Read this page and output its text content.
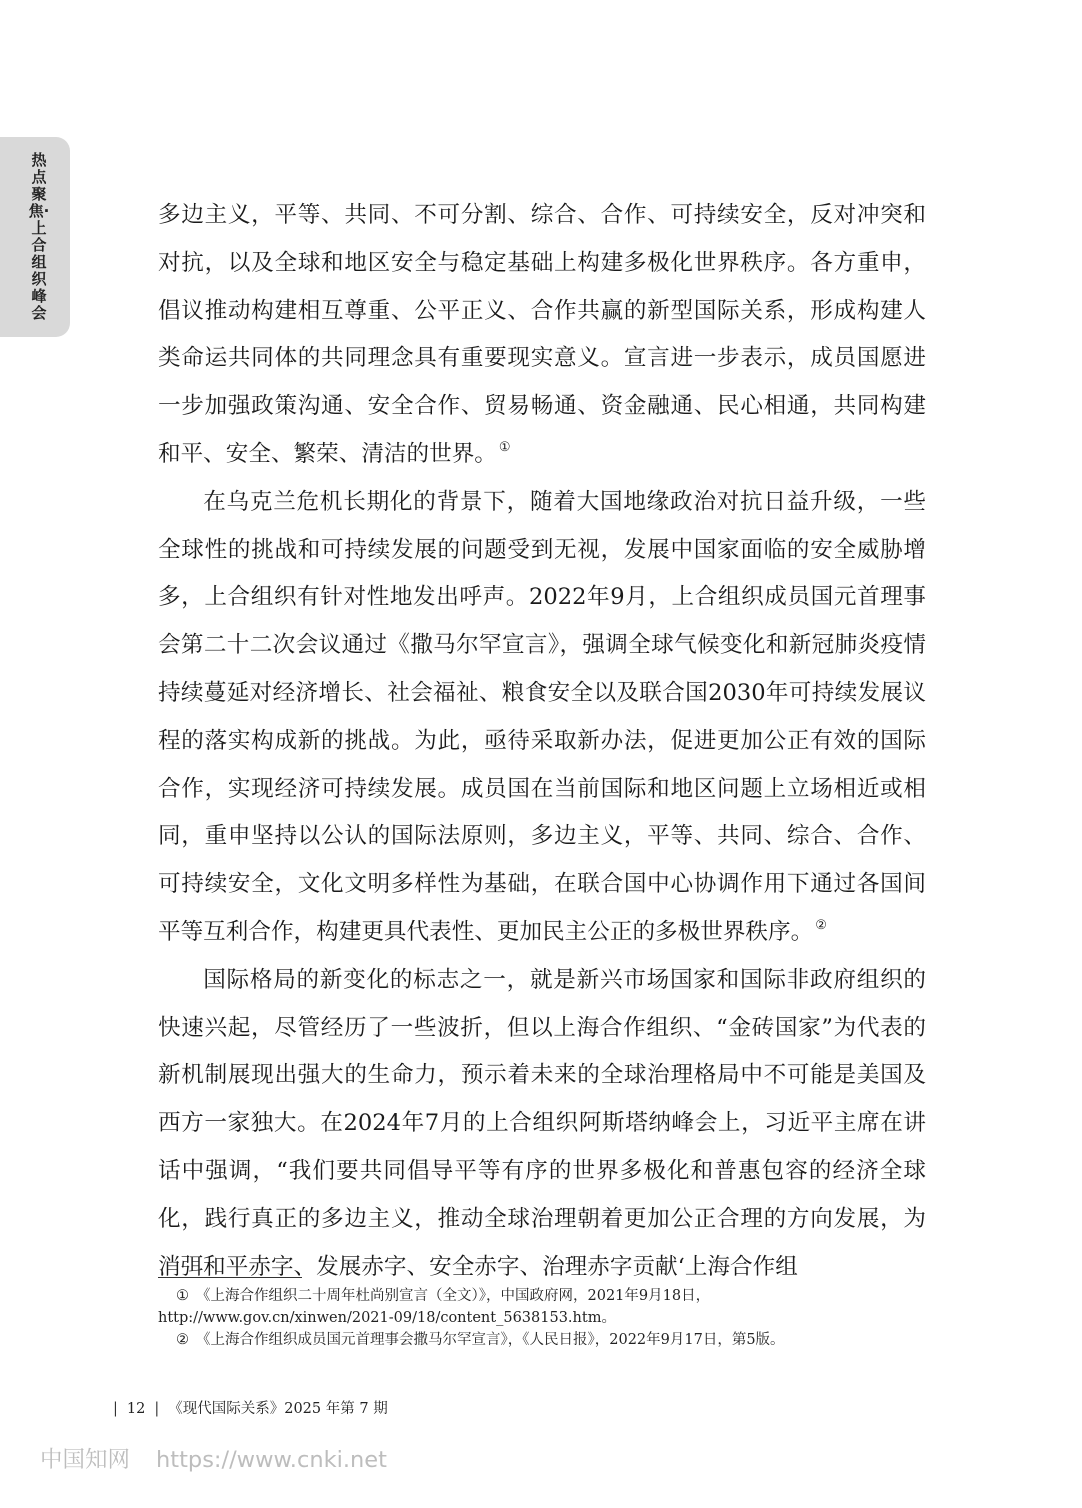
热点聚焦·上合组织峰会

多边主义，平等、共同、不可分割、综合、合作、可持续安全，反对冲突和对抗，以及全球和地区安全与稳定基础上构建多极化世界秩序。各方重申，倡议推动构建相互尊重、公平正义、合作共赢的新型国际关系，形成构建人类命运共同体的共同理念具有重要现实意义。宣言进一步表示，成员国愿进一步加强政策沟通、安全合作、贸易畅通、资金融通、民心相通，共同构建和平、安全、繁荣、清洁的世界。 ①

在乌克兰危机长期化的背景下，随着大国地缘政治对抗日益升级，一些全球性的挑战和可持续发展的问题受到无视，发展中国家面临的安全威胁增多，上合组织有针对性地发出呼声。2022年9月，上合组织成员国元首理事会第二十二次会议通过《撒马尔罕宣言》，强调全球气候变化和新冠肺炎疫情持续蔓延对经济增长、社会福祉、粮食安全以及联合国2030年可持续发展议程的落实构成新的挑战。为此，亟待采取新办法，促进更加公正有效的国际合作，实现经济可持续发展。成员国在当前国际和地区问题上立场相近或相同，重申坚持以公认的国际法原则，多边主义，平等、共同、综合、合作、可持续安全，文化文明多样性为基础，在联合国中心协调作用下通过各国间平等互利合作，构建更具代表性、更加民主公正的多极世界秩序。 ②

国际格局的新变化的标志之一，就是新兴市场国家和国际非政府组织的快速兴起，尽管经历了一些波折，但以上海合作组织、“金砖国家”为代表的新机制展现出强大的生命力，预示着未来的全球治理格局中不可能是美国及西方一家独大。在2024年7月的上合组织阿斯塔纳峰会上，习近平主席在讲话中强调，“我们要共同倡导平等有序的世界多极化和普惠包容的经济全球化，践行真正的多边主义，推动全球治理朝着更加公正合理的方向发展，为消弭和平赤字、发展赤字、安全赤字、治理赤字贡献‘上海合作组

① 《上海合作组织二十周年杜尚别宣言（全文）》，中国政府网，2021年9月18日，http://www.gov.cn/xinwen/2021-09/18/content_5638153.htm。

② 《上海合作组织成员国元首理事会撒马尔罕宣言》，《人民日报》，2022年9月17日，第5版。

| 12 | 《现代国际关系》2025 年第 7 期
中国知网 https://www.cnki.net
